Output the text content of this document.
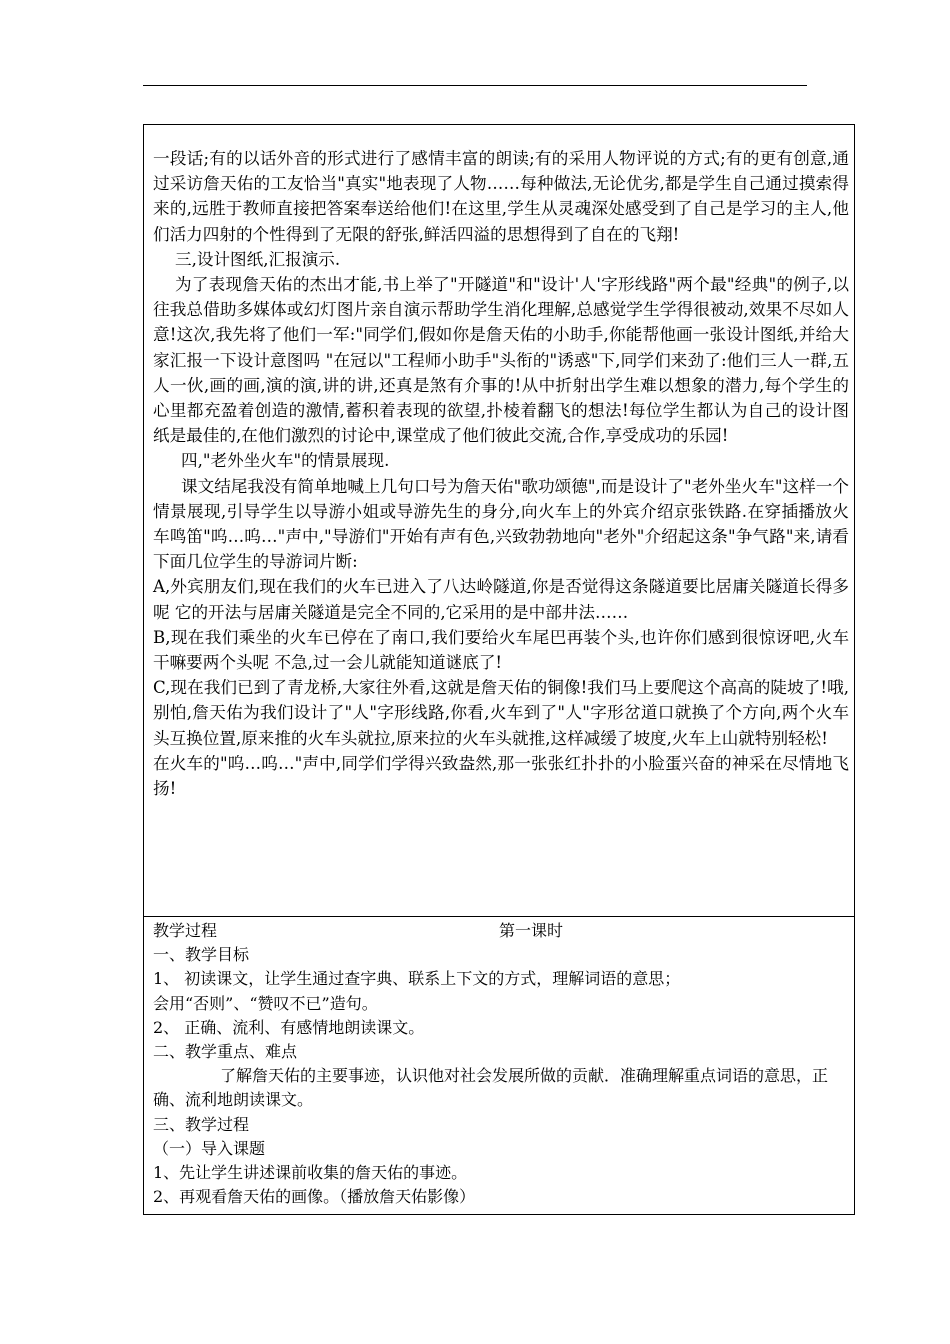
一段话;有的以话外音的形式进行了感情丰富的朗读;有的采用人物评说的方式;有的更有创意,通过采访詹天佑的工友恰当"真实"地表现了人物……每种做法,无论优劣,都是学生自己通过摸索得来的,远胜于教师直接把答案奉送给他们!在这里,学生从灵魂深处感受到了自己是学习的主人,他们活力四射的个性得到了无限的舒张,鲜活四溢的思想得到了自在的飞翔!

三,设计图纸,汇报演示.

为了表现詹天佑的杰出才能,书上举了"开隧道"和"设计'人'字形线路"两个最"经典"的例子,以往我总借助多媒体或幻灯图片亲自演示帮助学生消化理解,总感觉学生学得很被动,效果不尽如人意!这次,我先将了他们一军:"同学们,假如你是詹天佑的小助手,你能帮他画一张设计图纸,并给大家汇报一下设计意图吗 "在冠以"工程师小助手"头衔的"诱惑"下,同学们来劲了:他们三人一群,五人一伙,画的画,演的演,讲的讲,还真是煞有介事的!从中折射出学生难以想象的潜力,每个学生的心里都充盈着创造的激情,蓄积着表现的欲望,扑棱着翻飞的想法!每位学生都认为自己的设计图纸是最佳的,在他们激烈的讨论中,课堂成了他们彼此交流,合作,享受成功的乐园!

四,"老外坐火车"的情景展现.

课文结尾我没有简单地喊上几句口号为詹天佑"歌功颂德",而是设计了"老外坐火车"这样一个情景展现,引导学生以导游小姐或导游先生的身分,向火车上的外宾介绍京张铁路.在穿插播放火车鸣笛"呜…呜…"声中,"导游们"开始有声有色,兴致勃勃地向"老外"介绍起这条"争气路"来,请看下面几位学生的导游词片断:

A,外宾朋友们,现在我们的火车已进入了八达岭隧道,你是否觉得这条隧道要比居庸关隧道长得多呢 它的开法与居庸关隧道是完全不同的,它采用的是中部井法……

B,现在我们乘坐的火车已停在了南口,我们要给火车尾巴再装个头,也许你们感到很惊讶吧,火车干嘛要两个头呢 不急,过一会儿就能知道谜底了!

C,现在我们已到了青龙桥,大家往外看,这就是詹天佑的铜像!我们马上要爬这个高高的陡坡了!哦,别怕,詹天佑为我们设计了"人"字形线路,你看,火车到了"人"字形岔道口就换了个方向,两个火车头互换位置,原来推的火车头就拉,原来拉的火车头就推,这样减缓了坡度,火车上山就特别轻松!

在火车的"呜…呜…"声中,同学们学得兴致盎然,那一张张红扑扑的小脸蛋兴奋的神采在尽情地飞扬!

教学过程	第一课时

一、教学目标

1、 初读课文，让学生通过查字典、联系上下文的方式，理解词语的意思；

会用“否则”、“赞叹不已”造句。

2、 正确、流利、有感情地朗读课文。

二、教学重点、难点

了解詹天佑的主要事迹，认识他对社会发展所做的贡献．准确理解重点词语的意思，正确、流利地朗读课文。

三、教学过程

（一）导入课题

1、先让学生讲述课前收集的詹天佑的事迹。

2、再观看詹天佑的画像。（播放詹天佑影像）
